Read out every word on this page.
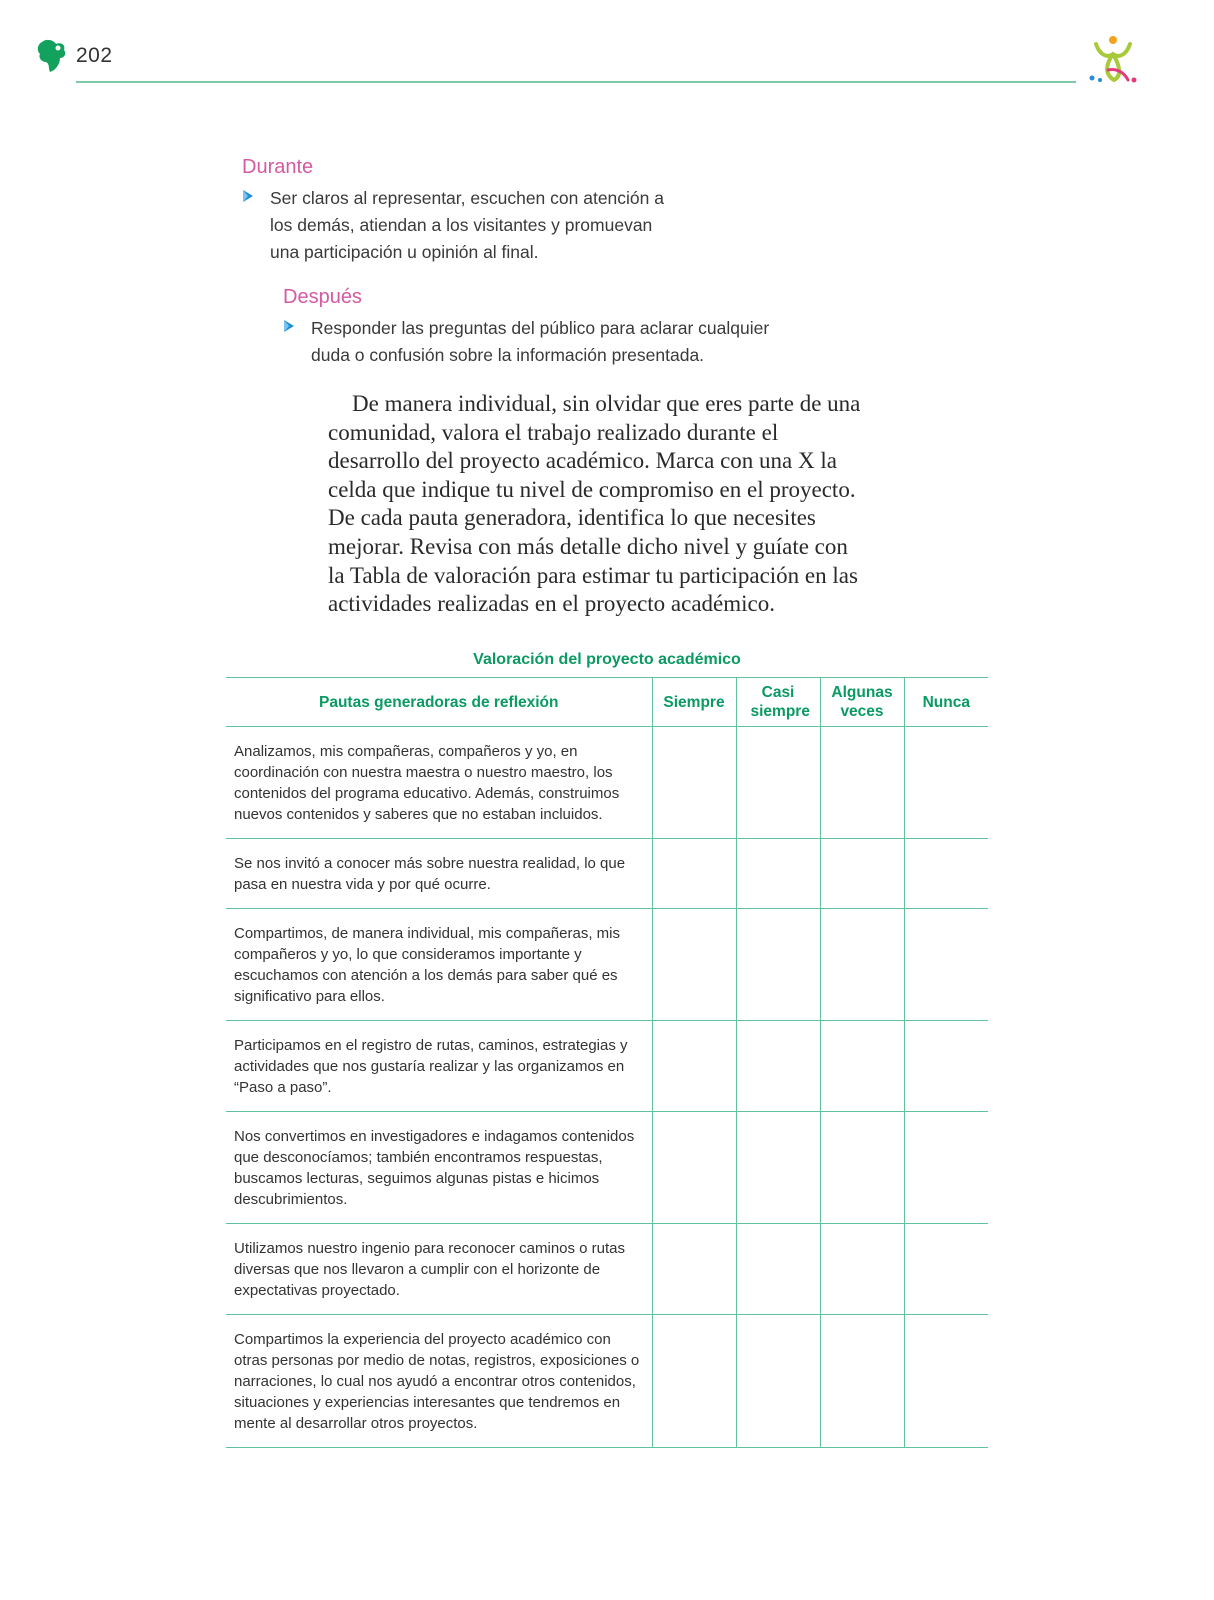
202
Durante
Ser claros al representar, escuchen con atención a los demás, atiendan a los visitantes y promuevan una participación u opinión al final.
Después
Responder las preguntas del público para aclarar cualquier duda o confusión sobre la información presentada.

De manera individual, sin olvidar que eres parte de una comunidad, valora el trabajo realizado durante el desarrollo del proyecto académico. Marca con una X la celda que indique tu nivel de compromiso en el proyecto. De cada pauta generadora, identifica lo que necesites mejorar. Revisa con más detalle dicho nivel y guíate con la Tabla de valoración para estimar tu participación en las actividades realizadas en el proyecto académico.

Valoración del proyecto académico
Pautas generadoras de reflexión	Siempre	Casi siempre	Algunas veces	Nunca
Analizamos, mis compañeras, compañeros y yo, en coordinación con nuestra maestra o nuestro maestro, los contenidos del programa educativo. Además, construimos nuevos contenidos y saberes que no estaban incluidos.				
Se nos invitó a conocer más sobre nuestra realidad, lo que pasa en nuestra vida y por qué ocurre.				
Compartimos, de manera individual, mis compañeras, mis compañeros y yo, lo que consideramos importante y escuchamos con atención a los demás para saber qué es significativo para ellos.				
Participamos en el registro de rutas, caminos, estrategias y actividades que nos gustaría realizar y las organizamos en “Paso a paso”.				
Nos convertimos en investigadores e indagamos contenidos que desconocíamos; también encontramos respuestas, buscamos lecturas, seguimos algunas pistas e hicimos descubrimientos.				
Utilizamos nuestro ingenio para reconocer caminos o rutas diversas que nos llevaron a cumplir con el horizonte de expectativas proyectado.				
Compartimos la experiencia del proyecto académico con otras personas por medio de notas, registros, exposiciones o narraciones, lo cual nos ayudó a encontrar otros contenidos, situaciones y experiencias interesantes que tendremos en mente al desarrollar otros proyectos.				
